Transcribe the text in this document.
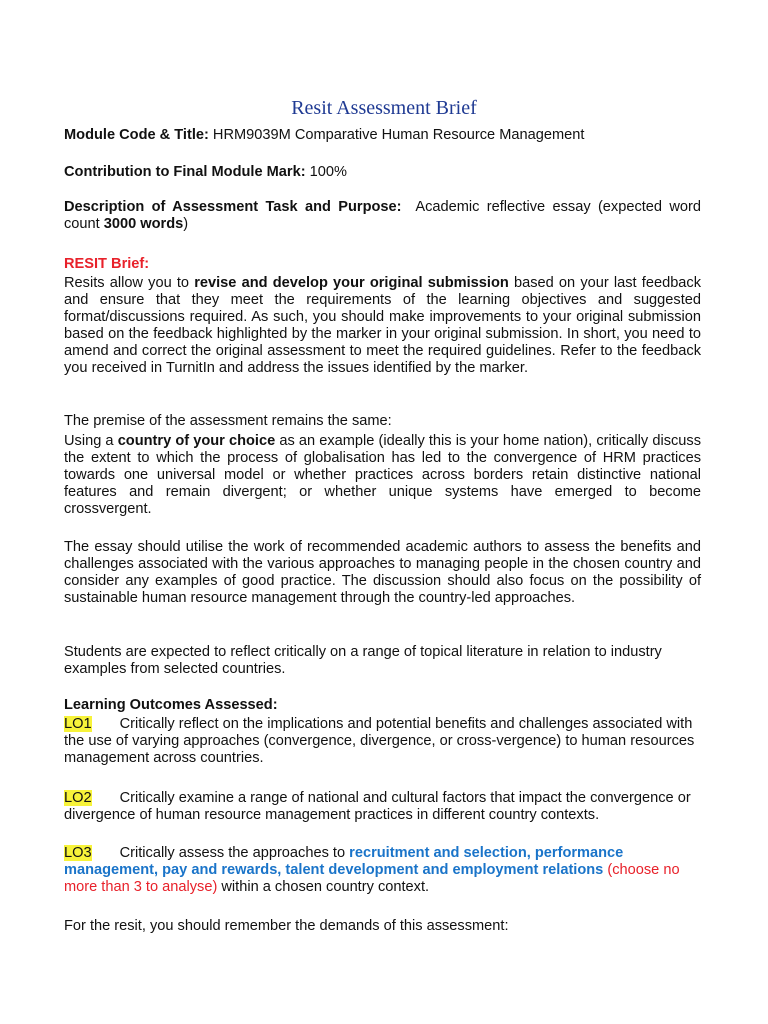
Resit Assessment Brief
Module Code & Title: HRM9039M Comparative Human Resource Management
Contribution to Final Module Mark: 100%
Description of Assessment Task and Purpose: Academic reflective essay (expected word count 3000 words)
RESIT Brief:
Resits allow you to revise and develop your original submission based on your last feedback and ensure that they meet the requirements of the learning objectives and suggested format/discussions required. As such, you should make improvements to your original submission based on the feedback highlighted by the marker in your original submission. In short, you need to amend and correct the original assessment to meet the required guidelines. Refer to the feedback you received in TurnitIn and address the issues identified by the marker.
The premise of the assessment remains the same:
Using a country of your choice as an example (ideally this is your home nation), critically discuss the extent to which the process of globalisation has led to the convergence of HRM practices towards one universal model or whether practices across borders retain distinctive national features and remain divergent; or whether unique systems have emerged to become crossvergent.
The essay should utilise the work of recommended academic authors to assess the benefits and challenges associated with the various approaches to managing people in the chosen country and consider any examples of good practice. The discussion should also focus on the possibility of sustainable human resource management through the country-led approaches.
Students are expected to reflect critically on a range of topical literature in relation to industry examples from selected countries.
Learning Outcomes Assessed:
LO1 Critically reflect on the implications and potential benefits and challenges associated with the use of varying approaches (convergence, divergence, or cross-vergence) to human resources management across countries.
LO2 Critically examine a range of national and cultural factors that impact the convergence or divergence of human resource management practices in different country contexts.
LO3 Critically assess the approaches to recruitment and selection, performance management, pay and rewards, talent development and employment relations (choose no more than 3 to analyse) within a chosen country context.
For the resit, you should remember the demands of this assessment:
